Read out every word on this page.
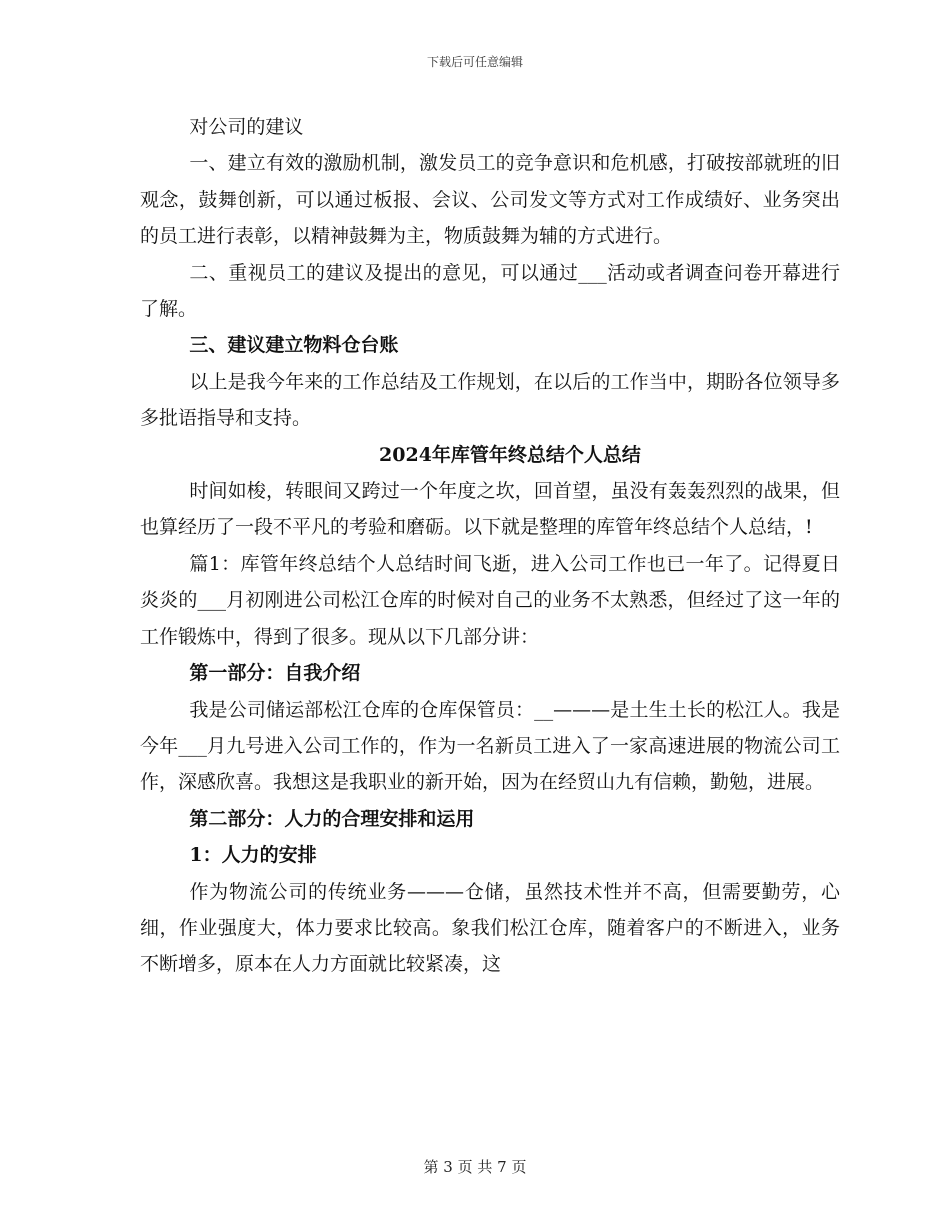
下载后可任意编辑

对公司的建议

一、建立有效的激励机制，激发员工的竞争意识和危机感，打破按部就班的旧观念，鼓舞创新，可以通过板报、会议、公司发文等方式对工作成绩好、业务突出的员工进行表彰，以精神鼓舞为主，物质鼓舞为辅的方式进行。

二、重视员工的建议及提出的意见，可以通过___活动或者调查问卷开幕进行了解。

三、建议建立物料仓台账

以上是我今年来的工作总结及工作规划，在以后的工作当中，期盼各位领导多多批语指导和支持。

2024年库管年终总结个人总结

时间如梭，转眼间又跨过一个年度之坎，回首望，虽没有轰轰烈烈的战果，但也算经历了一段不平凡的考验和磨砺。以下就是整理的库管年终总结个人总结，!

篇1：库管年终总结个人总结时间飞逝，进入公司工作也已一年了。记得夏日炎炎的___月初刚进公司松江仓库的时候对自己的业务不太熟悉，但经过了这一年的工作锻炼中，得到了很多。现从以下几部分讲：

第一部分：自我介绍

我是公司储运部松江仓库的仓库保管员：__———是土生土长的松江人。我是今年___月九号进入公司工作的，作为一名新员工进入了一家高速进展的物流公司工作，深感欣喜。我想这是我职业的新开始，因为在经贸山九有信赖，勤勉，进展。

第二部分：人力的合理安排和运用

1：人力的安排

作为物流公司的传统业务———仓储，虽然技术性并不高，但需要勤劳，心细，作业强度大，体力要求比较高。象我们松江仓库，随着客户的不断进入，业务不断增多，原本在人力方面就比较紧凑，这

第 3 页 共 7 页
